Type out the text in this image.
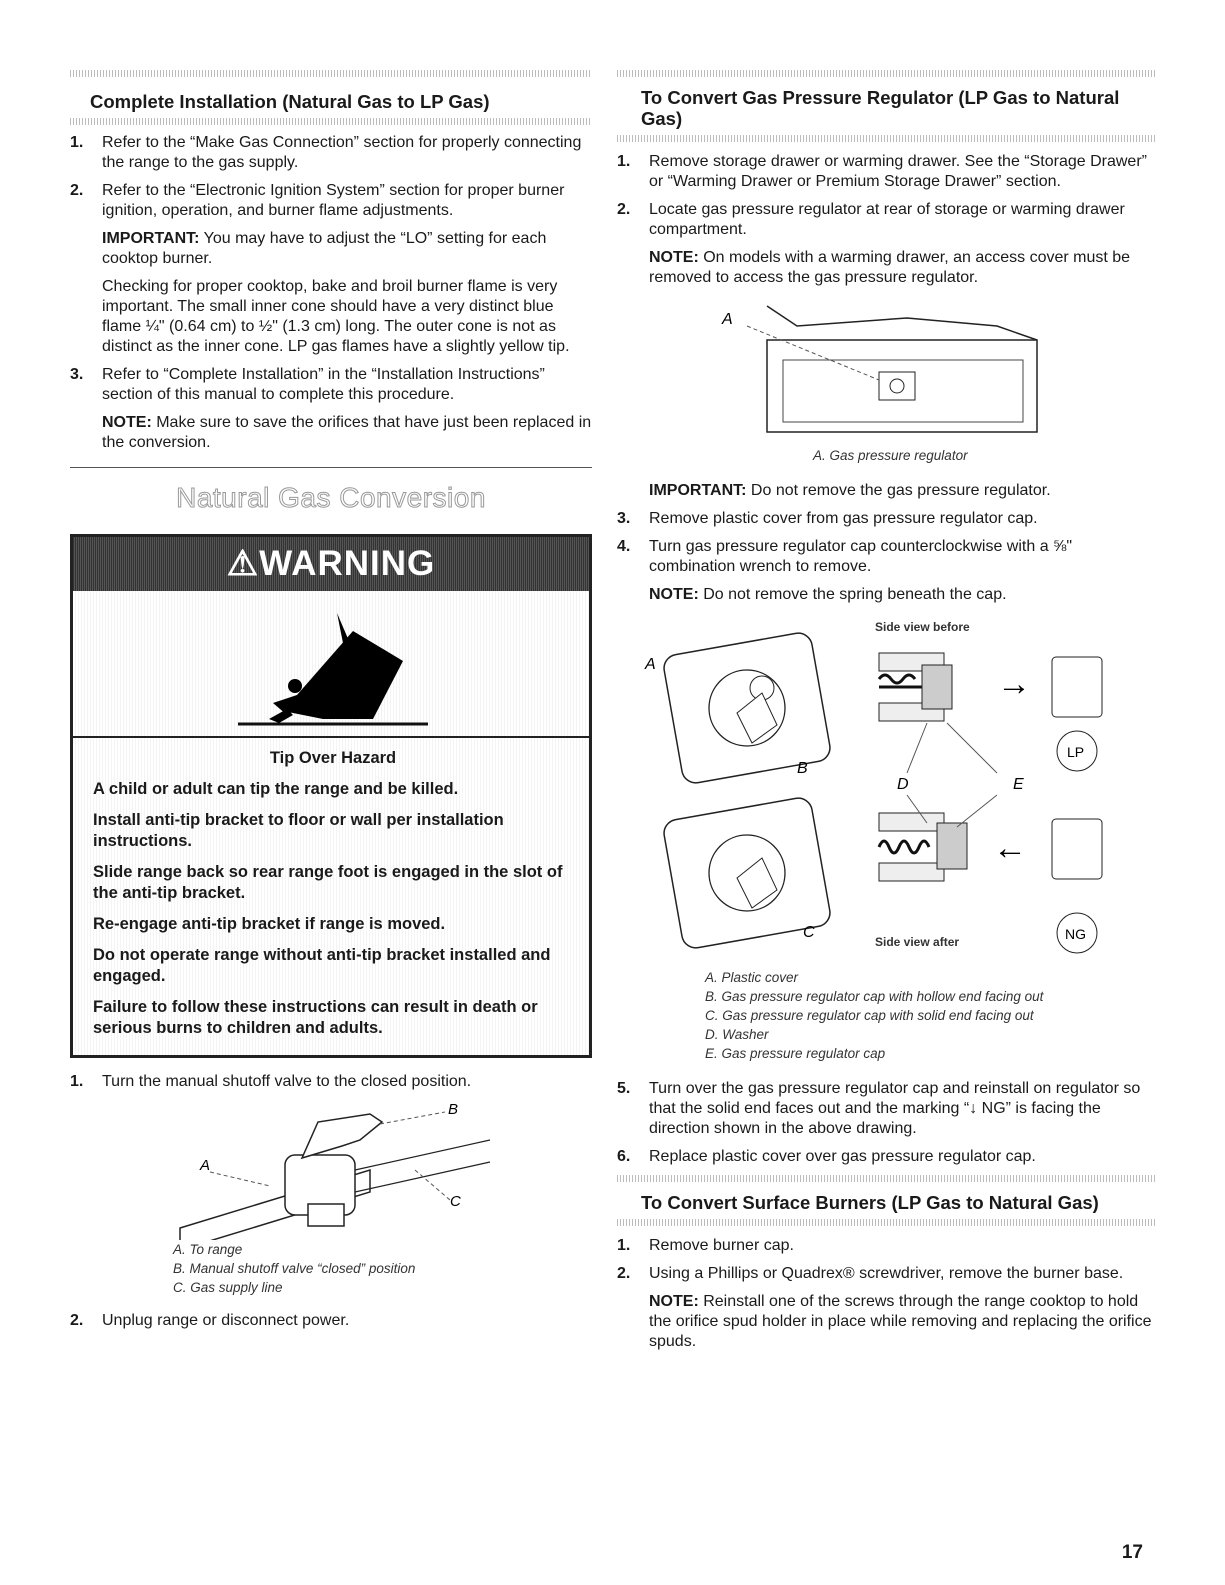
Complete Installation (Natural Gas to LP Gas)
1. Refer to the “Make Gas Connection” section for properly connecting the range to the gas supply.
2. Refer to the “Electronic Ignition System” section for proper burner ignition, operation, and burner flame adjustments.
IMPORTANT: You may have to adjust the “LO” setting for each cooktop burner.
Checking for proper cooktop, bake and broil burner flame is very important. The small inner cone should have a very distinct blue flame ¼" (0.64 cm) to ½" (1.3 cm) long. The outer cone is not as distinct as the inner cone. LP gas flames have a slightly yellow tip.
3. Refer to “Complete Installation” in the “Installation Instructions” section of this manual to complete this procedure.
NOTE: Make sure to save the orifices that have just been replaced in the conversion.
Natural Gas Conversion
⚠WARNING

Tip Over Hazard

A child or adult can tip the range and be killed.

Install anti-tip bracket to floor or wall per installation instructions.

Slide range back so rear range foot is engaged in the slot of the anti-tip bracket.

Re-engage anti-tip bracket if range is moved.

Do not operate range without anti-tip bracket installed and engaged.

Failure to follow these instructions can result in death or serious burns to children and adults.

1. Turn the manual shutoff valve to the closed position.
A
B
C
A. To range
B. Manual shutoff valve “closed” position
C. Gas supply line
2. Unplug range or disconnect power.
To Convert Gas Pressure Regulator (LP Gas to Natural Gas)
1. Remove storage drawer or warming drawer. See the “Storage Drawer” or “Warming Drawer or Premium Storage Drawer” section.
2. Locate gas pressure regulator at rear of storage or warming drawer compartment.
NOTE: On models with a warming drawer, an access cover must be removed to access the gas pressure regulator.
A
A. Gas pressure regulator
IMPORTANT: Do not remove the gas pressure regulator.
3. Remove plastic cover from gas pressure regulator cap.
4. Turn gas pressure regulator cap counterclockwise with a ⅝" combination wrench to remove.
NOTE: Do not remove the spring beneath the cap.
→
LP
←
NG
Side view before
Side view after
A
B
C
D	E
A. Plastic cover
B. Gas pressure regulator cap with hollow end facing out
C. Gas pressure regulator cap with solid end facing out
D. Washer
E. Gas pressure regulator cap
5. Turn over the gas pressure regulator cap and reinstall on regulator so that the solid end faces out and the marking “↓ NG” is facing the direction shown in the above drawing.
6. Replace plastic cover over gas pressure regulator cap.
To Convert Surface Burners (LP Gas to Natural Gas)
1. Remove burner cap.
2. Using a Phillips or Quadrex® screwdriver, remove the burner base.
NOTE: Reinstall one of the screws through the range cooktop to hold the orifice spud holder in place while removing and replacing the orifice spuds.
17
